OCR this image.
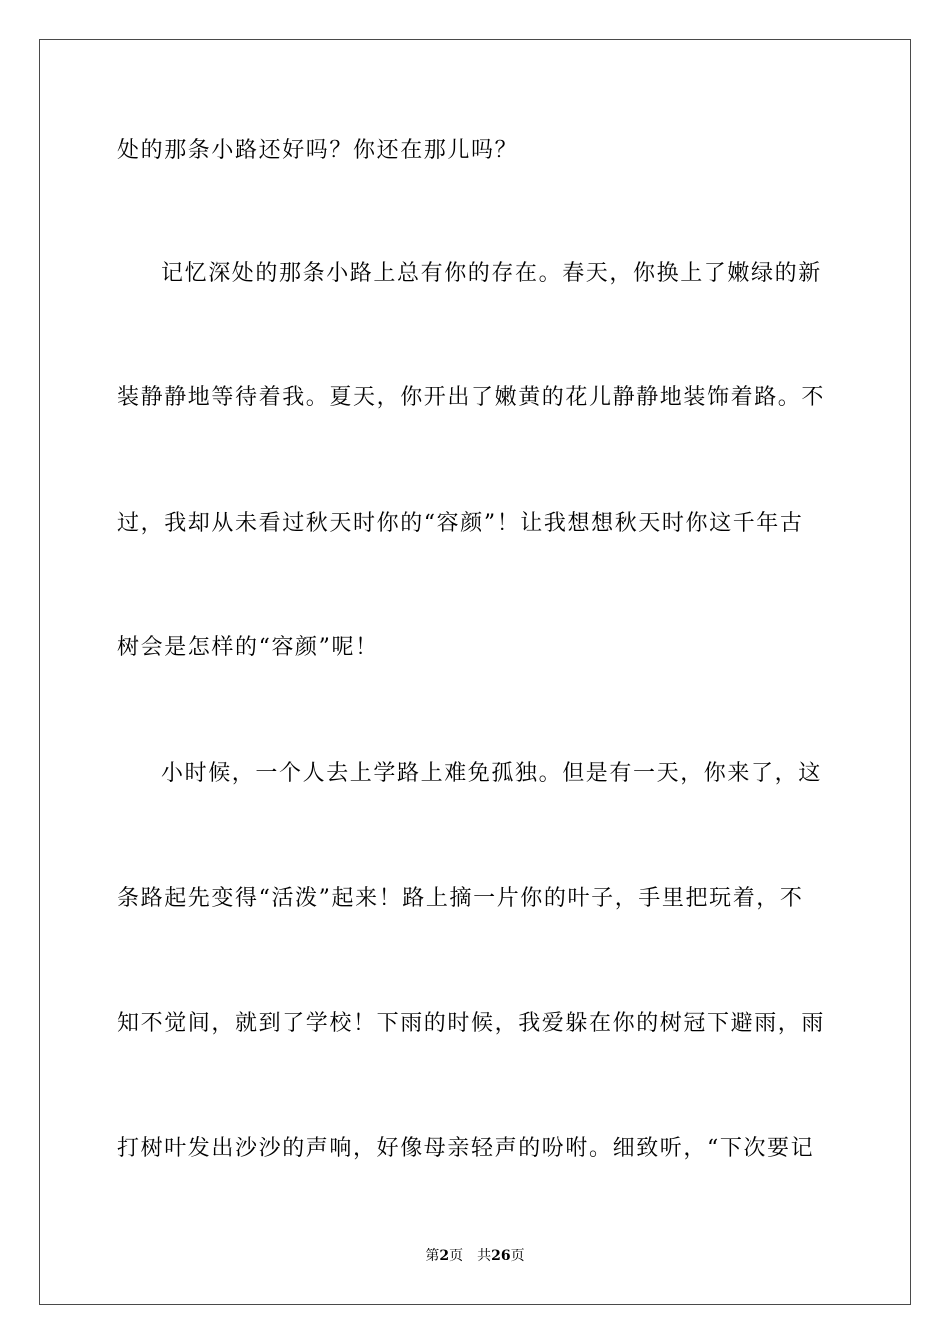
处的那条小路还好吗？你还在那儿吗？
记忆深处的那条小路上总有你的存在。春天，你换上了嫩绿的新
装静静地等待着我。夏天，你开出了嫩黄的花儿静静地装饰着路。不
过，我却从未看过秋天时你的“容颜”！让我想想秋天时你这千年古
树会是怎样的“容颜”呢！
小时候，一个人去上学路上难免孤独。但是有一天，你来了，这
条路起先变得“活泼”起来！路上摘一片你的叶子，手里把玩着，不
知不觉间，就到了学校！下雨的时候，我爱躲在你的树冠下避雨，雨
打树叶发出沙沙的声响，好像母亲轻声的吩咐。细致听，“下次要记
第2页 共26页
